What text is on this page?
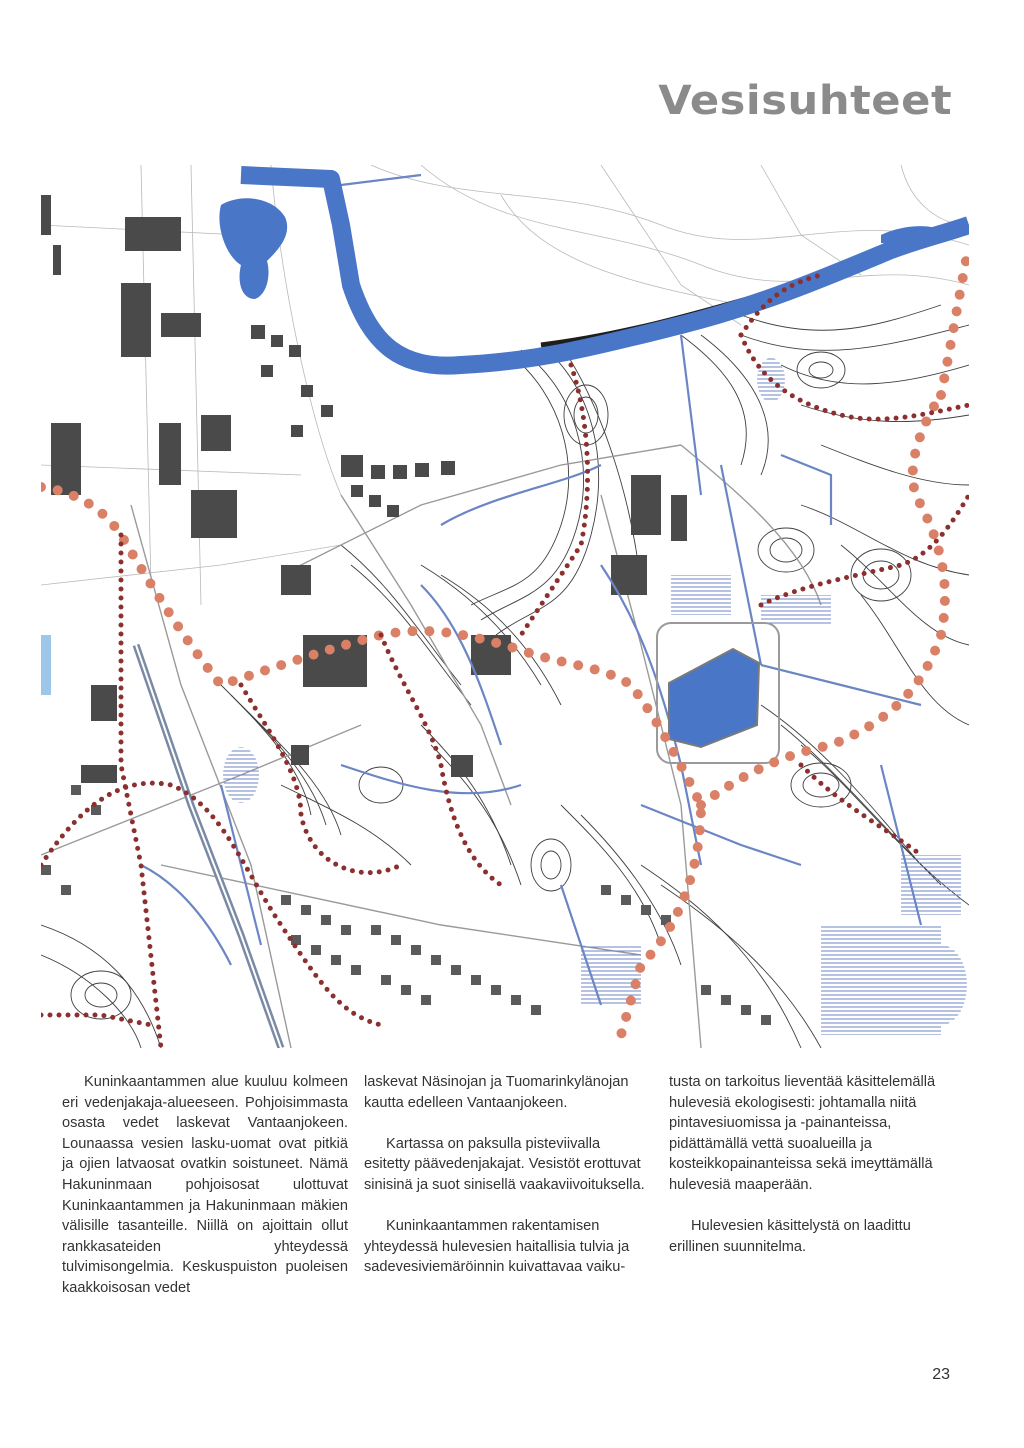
Vesisuhteet

Kuninkaantammen alue kuuluu kolmeen eri vedenjakaja-alueeseen. Pohjoisimmasta osasta vedet laskevat Vantaanjokeen. Lounaassa vesien lasku-uomat ovat pitkiä ja ojien latvaosat ovatkin soistuneet. Nämä Hakuninmaan pohjoisosat ulottuvat Kuninkaantammen ja Hakuninmaan mäkien välisille tasanteille. Niillä on ajoittain ollut rankkasateiden yhteydessä tulvimisongelmia. Keskuspuiston puoleisen kaakkoisosan vedet

laskevat Näsinojan ja Tuomarinkylänojan kautta edelleen Vantaanjokeen.

Kartassa on paksulla pisteviivalla esitetty päävedenjakajat. Vesistöt erottuvat sinisinä ja suot sinisellä vaakaviivoituksella.

Kuninkaantammen rakentamisen yhteydessä hulevesien haitallisia tulvia ja sadevesiviemäröinnin kuivattavaa vaiku-

tusta on tarkoitus lieventää käsittelemällä hulevesiä ekologisesti: johtamalla niitä pintavesiuomissa ja -painanteissa, pidättämällä vettä suoalueilla ja kosteikkopainanteissa sekä imeyttämällä hulevesiä maaperään.

Hulevesien käsittelystä on laadittu erillinen suunnitelma.

23
